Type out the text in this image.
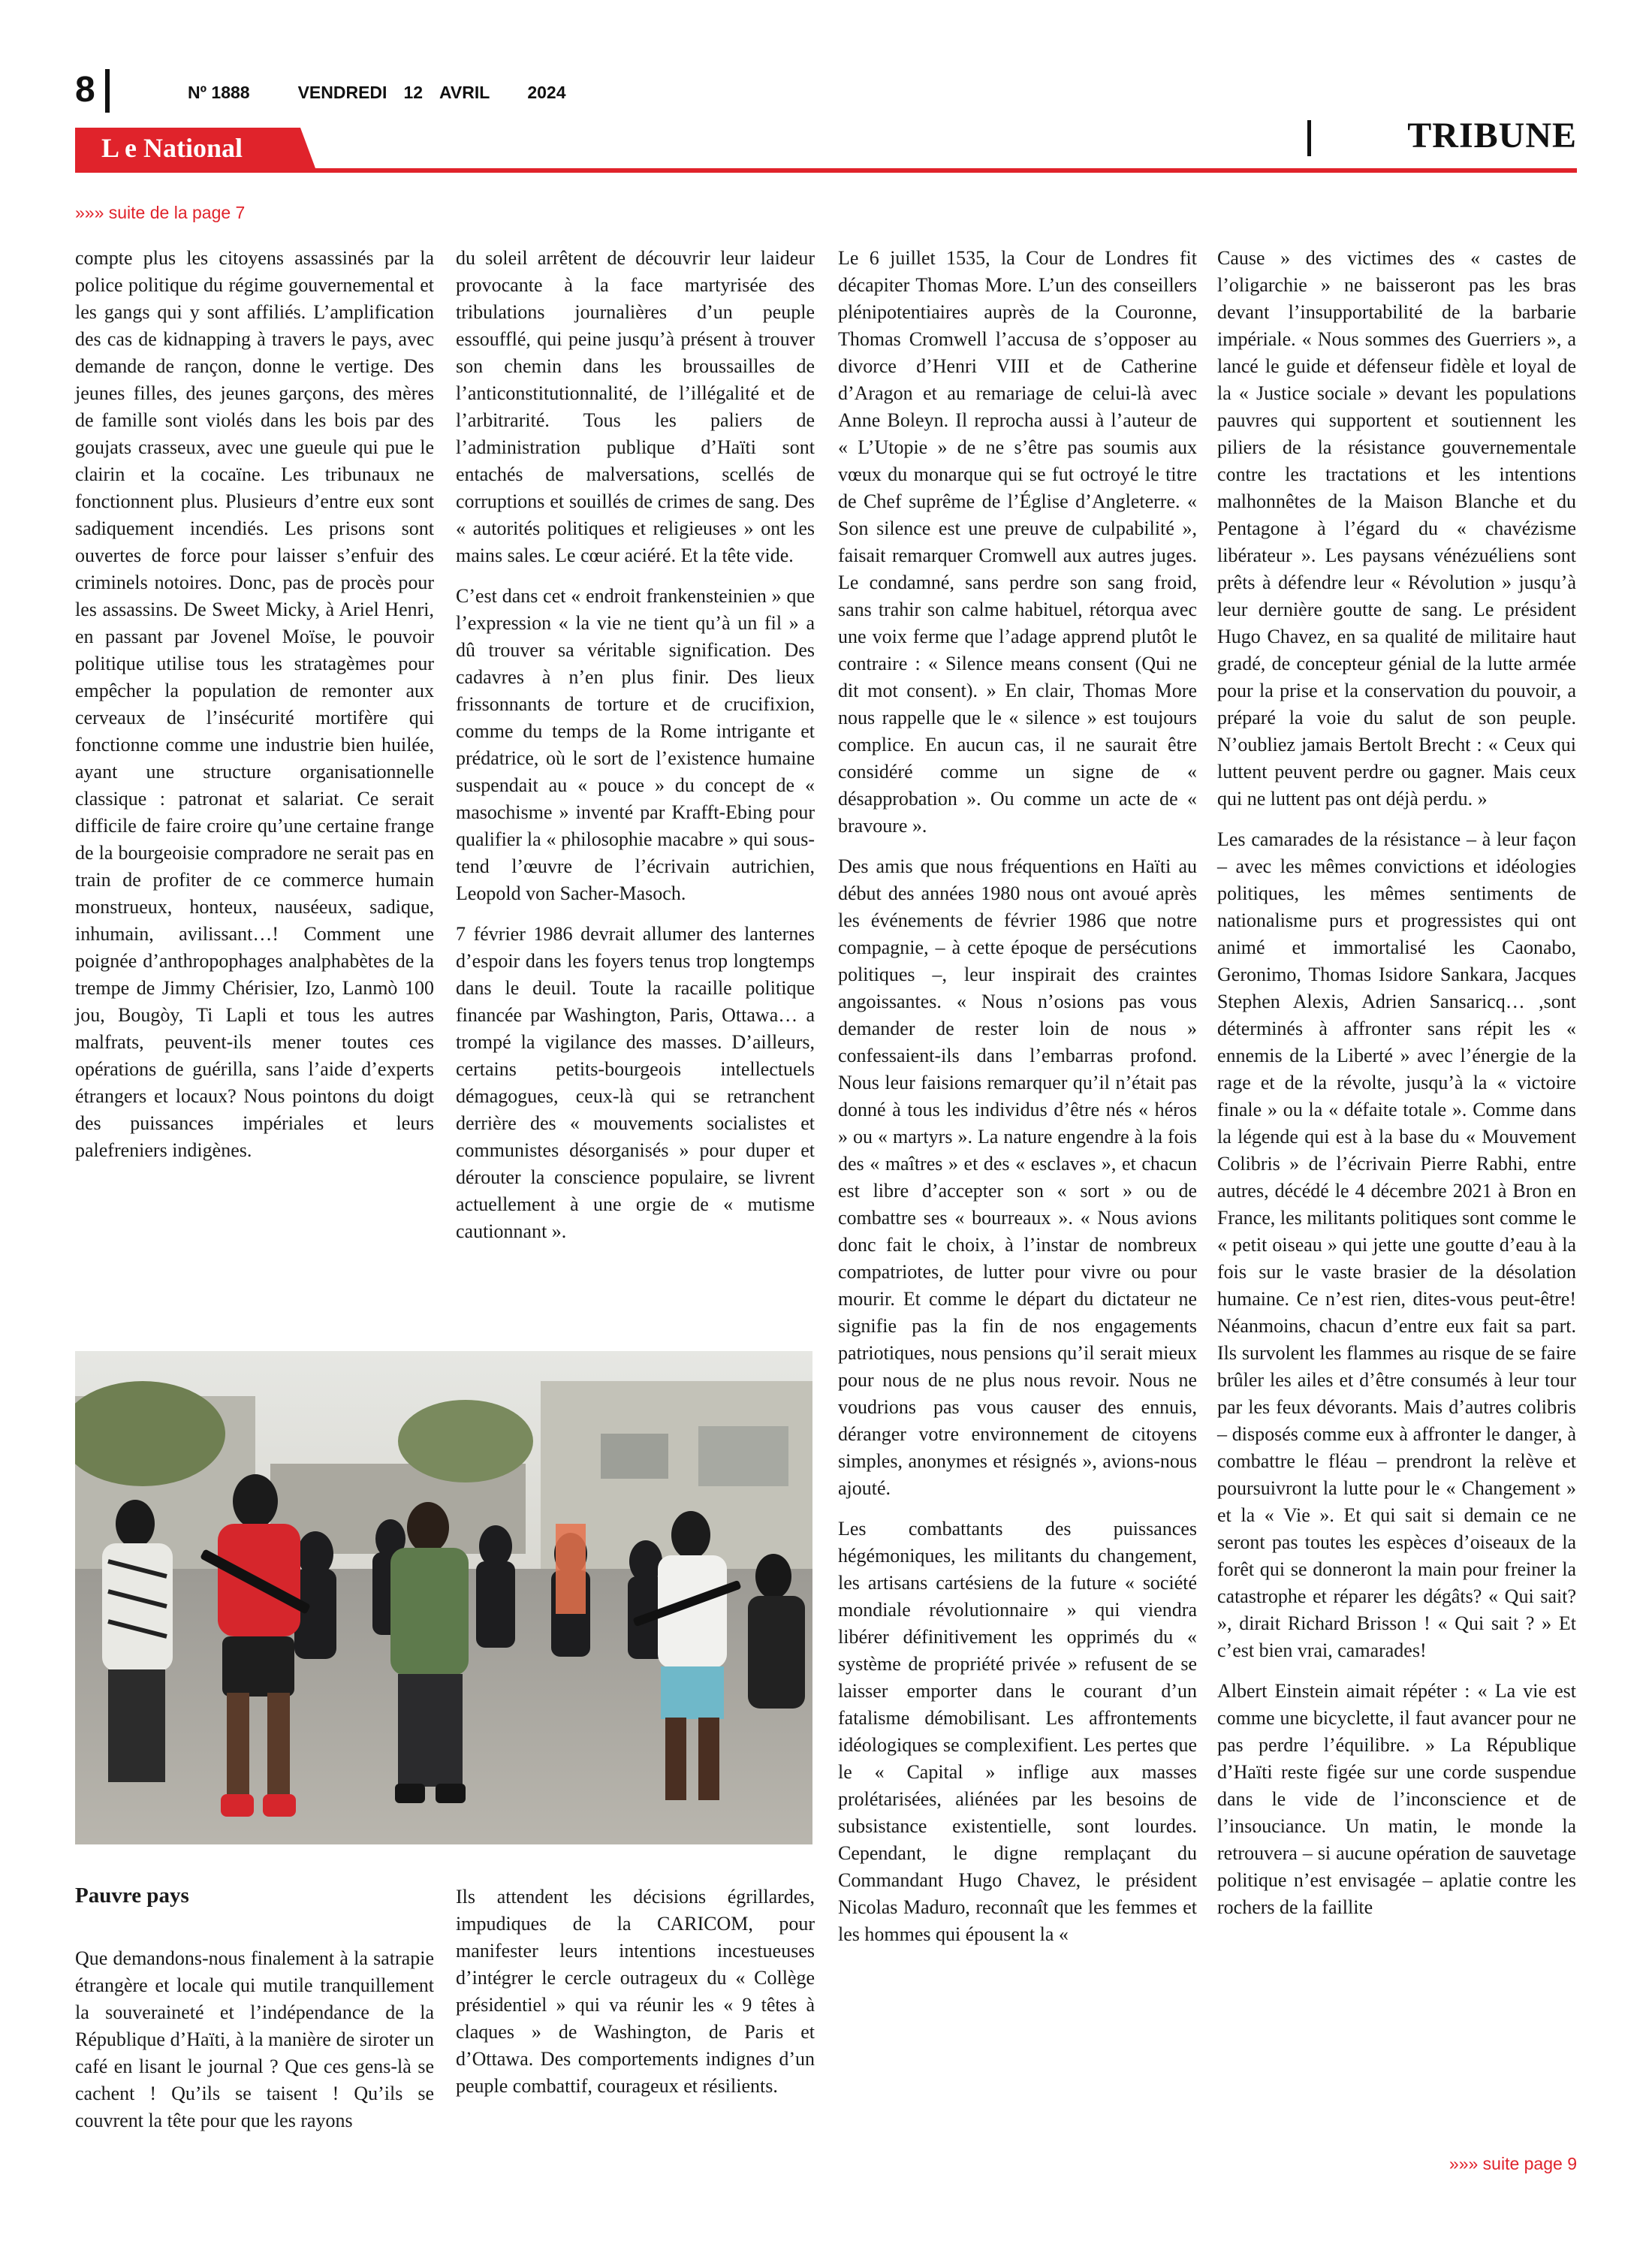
8	Nº 1888	VENDREDI 12 AVRIL 2024
L e National	TRIBUNE
»»» suite de la page 7

compte plus les citoyens assassinés par la police politique du régime gouvernemental et les gangs qui y sont affiliés. L’amplification des cas de kidnapping à travers le pays, avec demande de rançon, donne le vertige. Des jeunes filles, des jeunes garçons, des mères de famille sont violés dans les bois par des goujats crasseux, avec une gueule qui pue le clairin et la cocaïne. Les tribunaux ne fonctionnent plus. Plusieurs d’entre eux sont sadiquement incendiés. Les prisons sont ouvertes de force pour laisser s’enfuir des criminels notoires. Donc, pas de procès pour les assassins. De Sweet Micky, à Ariel Henri, en passant par Jovenel Moïse, le pouvoir politique utilise tous les stratagèmes pour empêcher la population de remonter aux cerveaux de l’insécurité mortifère qui fonctionne comme une industrie bien huilée, ayant une structure organisationnelle classique : patronat et salariat. Ce serait difficile de faire croire qu’une certaine frange de la bourgeoisie compradore ne serait pas en train de profiter de ce commerce humain monstrueux, honteux, nauséeux, sadique, inhumain, avilissant…! Comment une poignée d’anthropophages analphabètes de la trempe de Jimmy Chérisier, Izo, Lanmò 100 jou, Bougòy, Ti Lapli et tous les autres malfrats, peuvent-ils mener toutes ces opérations de guérilla, sans l’aide d’experts étrangers et locaux? Nous pointons du doigt des puissances impériales et leurs palefreniers indigènes.

du soleil arrêtent de découvrir leur laideur provocante à la face martyrisée des tribulations journalières d’un peuple essoufflé, qui peine jusqu’à présent à trouver son chemin dans les broussailles de l’anticonstitutionnalité, de l’illégalité et de l’arbitrarité. Tous les paliers de l’administration publique d’Haïti sont entachés de malversations, scellés de corruptions et souillés de crimes de sang. Des « autorités politiques et religieuses » ont les mains sales. Le cœur aciéré. Et la tête vide.

C’est dans cet « endroit frankensteinien » que l’expression « la vie ne tient qu’à un fil » a dû trouver sa véritable signification. Des cadavres à n’en plus finir. Des lieux frissonnants de torture et de crucifixion, comme du temps de la Rome intrigante et prédatrice, où le sort de l’existence humaine suspendait au « pouce » du concept de « masochisme » inventé par Krafft-Ebing pour qualifier la « philosophie macabre » qui sous-tend l’œuvre de l’écrivain autrichien, Leopold von Sacher-Masoch.

7 février 1986 devrait allumer des lanternes d’espoir dans les foyers tenus trop longtemps dans le deuil. Toute la racaille politique financée par Washington, Paris, Ottawa… a trompé la vigilance des masses. D’ailleurs, certains petits-bourgeois intellectuels démagogues, ceux-là qui se retranchent derrière des « mouvements socialistes et communistes désorganisés » pour duper et dérouter la conscience populaire, se livrent actuellement à une orgie de « mutisme cautionnant ».

Le 6 juillet 1535, la Cour de Londres fit décapiter Thomas More. L’un des conseillers plénipotentiaires auprès de la Couronne, Thomas Cromwell l’accusa de s’opposer au divorce d’Henri VIII et de Catherine d’Aragon et au remariage de celui-là avec Anne Boleyn. Il reprocha aussi à l’auteur de « L’Utopie » de ne s’être pas soumis aux vœux du monarque qui se fut octroyé le titre de Chef suprême de l’Église d’Angleterre. « Son silence est une preuve de culpabilité », faisait remarquer Cromwell aux autres juges. Le condamné, sans perdre son sang froid, sans trahir son calme habituel, rétorqua avec une voix ferme que l’adage apprend plutôt le contraire : « Silence means consent (Qui ne dit mot consent). » En clair, Thomas More nous rappelle que le « silence » est toujours complice. En aucun cas, il ne saurait être considéré comme un signe de « désapprobation ». Ou comme un acte de « bravoure ».

Des amis que nous fréquentions en Haïti au début des années 1980 nous ont avoué après les événements de février 1986 que notre compagnie, – à cette époque de persécutions politiques –, leur inspirait des craintes angoissantes. « Nous n’osions pas vous demander de rester loin de nous » confessaient-ils dans l’embarras profond. Nous leur faisions remarquer qu’il n’était pas donné à tous les individus d’être nés « héros » ou « martyrs ». La nature engendre à la fois des « maîtres » et des « esclaves », et chacun est libre d’accepter son « sort » ou de combattre ses « bourreaux ». « Nous avions donc fait le choix, à l’instar de nombreux compatriotes, de lutter pour vivre ou pour mourir. Et comme le départ du dictateur ne signifie pas la fin de nos engagements patriotiques, nous pensions qu’il serait mieux pour nous de ne plus nous revoir. Nous ne voudrions pas vous causer des ennuis, déranger votre environnement de citoyens simples, anonymes et résignés », avions-nous ajouté.

Les combattants des puissances hégémoniques, les militants du changement, les artisans cartésiens de la future « société mondiale révolutionnaire » qui viendra libérer définitivement les opprimés du « système de propriété privée » refusent de se laisser emporter dans le courant d’un fatalisme démobilisant. Les affrontements idéologiques se complexifient. Les pertes que le « Capital » inflige aux masses prolétarisées, aliénées par les besoins de subsistance existentielle, sont lourdes. Cependant, le digne remplaçant du Commandant Hugo Chavez, le président Nicolas Maduro, reconnaît que les femmes et les hommes qui épousent la «

Cause » des victimes des « castes de l’oligarchie » ne baisseront pas les bras devant l’insupportabilité de la barbarie impériale. « Nous sommes des Guerriers », a lancé le guide et défenseur fidèle et loyal de la « Justice sociale » devant les populations pauvres qui supportent et soutiennent les piliers de la résistance gouvernementale contre les tractations et les intentions malhonnêtes de la Maison Blanche et du Pentagone à l’égard du « chavézisme libérateur ». Les paysans vénézuéliens sont prêts à défendre leur « Révolution » jusqu’à leur dernière goutte de sang. Le président Hugo Chavez, en sa qualité de militaire haut gradé, de concepteur génial de la lutte armée pour la prise et la conservation du pouvoir, a préparé la voie du salut de son peuple. N’oubliez jamais Bertolt Brecht : « Ceux qui luttent peuvent perdre ou gagner. Mais ceux qui ne luttent pas ont déjà perdu. »

Les camarades de la résistance – à leur façon – avec les mêmes convictions et idéologies politiques, les mêmes sentiments de nationalisme purs et progressistes qui ont animé et immortalisé les Caonabo, Geronimo, Thomas Isidore Sankara, Jacques Stephen Alexis, Adrien Sansaricq… ,sont déterminés à affronter sans répit les « ennemis de la Liberté » avec l’énergie de la rage et de la révolte, jusqu’à la « victoire finale » ou la « défaite totale ». Comme dans la légende qui est à la base du « Mouvement Colibris » de l’écrivain Pierre Rabhi, entre autres, décédé le 4 décembre 2021 à Bron en France, les militants politiques sont comme le « petit oiseau » qui jette une goutte d’eau à la fois sur le vaste brasier de la désolation humaine. Ce n’est rien, dites-vous peut-être! Néanmoins, chacun d’entre eux fait sa part. Ils survolent les flammes au risque de se faire brûler les ailes et d’être consumés à leur tour par les feux dévorants. Mais d’autres colibris – disposés comme eux à affronter le danger, à combattre le fléau – prendront la relève et poursuivront la lutte pour le « Changement » et la « Vie ». Et qui sait si demain ce ne seront pas toutes les espèces d’oiseaux de la forêt qui se donneront la main pour freiner la catastrophe et réparer les dégâts? « Qui sait? », dirait Richard Brisson ! « Qui sait ? » Et c’est bien vrai, camarades!

Albert Einstein aimait répéter : « La vie est comme une bicyclette, il faut avancer pour ne pas perdre l’équilibre. » La République d’Haïti reste figée sur une corde suspendue dans le vide de l’inconscience et de l’insouciance. Un matin, le monde la retrouvera – si aucune opération de sauvetage politique n’est envisagée – aplatie contre les rochers de la faillite

Pauvre pays

Que demandons-nous finalement à la satrapie étrangère et locale qui mutile tranquillement la souveraineté et l’indépendance de la République d’Haïti, à la manière de siroter un café en lisant le journal ? Que ces gens-là se cachent ! Qu’ils se taisent ! Qu’ils se couvrent la tête pour que les rayons

Ils attendent les décisions égrillardes, impudiques de la CARICOM, pour manifester leurs intentions incestueuses d’intégrer le cercle outrageux du « Collège présidentiel » qui va réunir les « 9 têtes à claques » de Washington, de Paris et d’Ottawa. Des comportements indignes d’un peuple combattif, courageux et résilients.

»»» suite page 9
